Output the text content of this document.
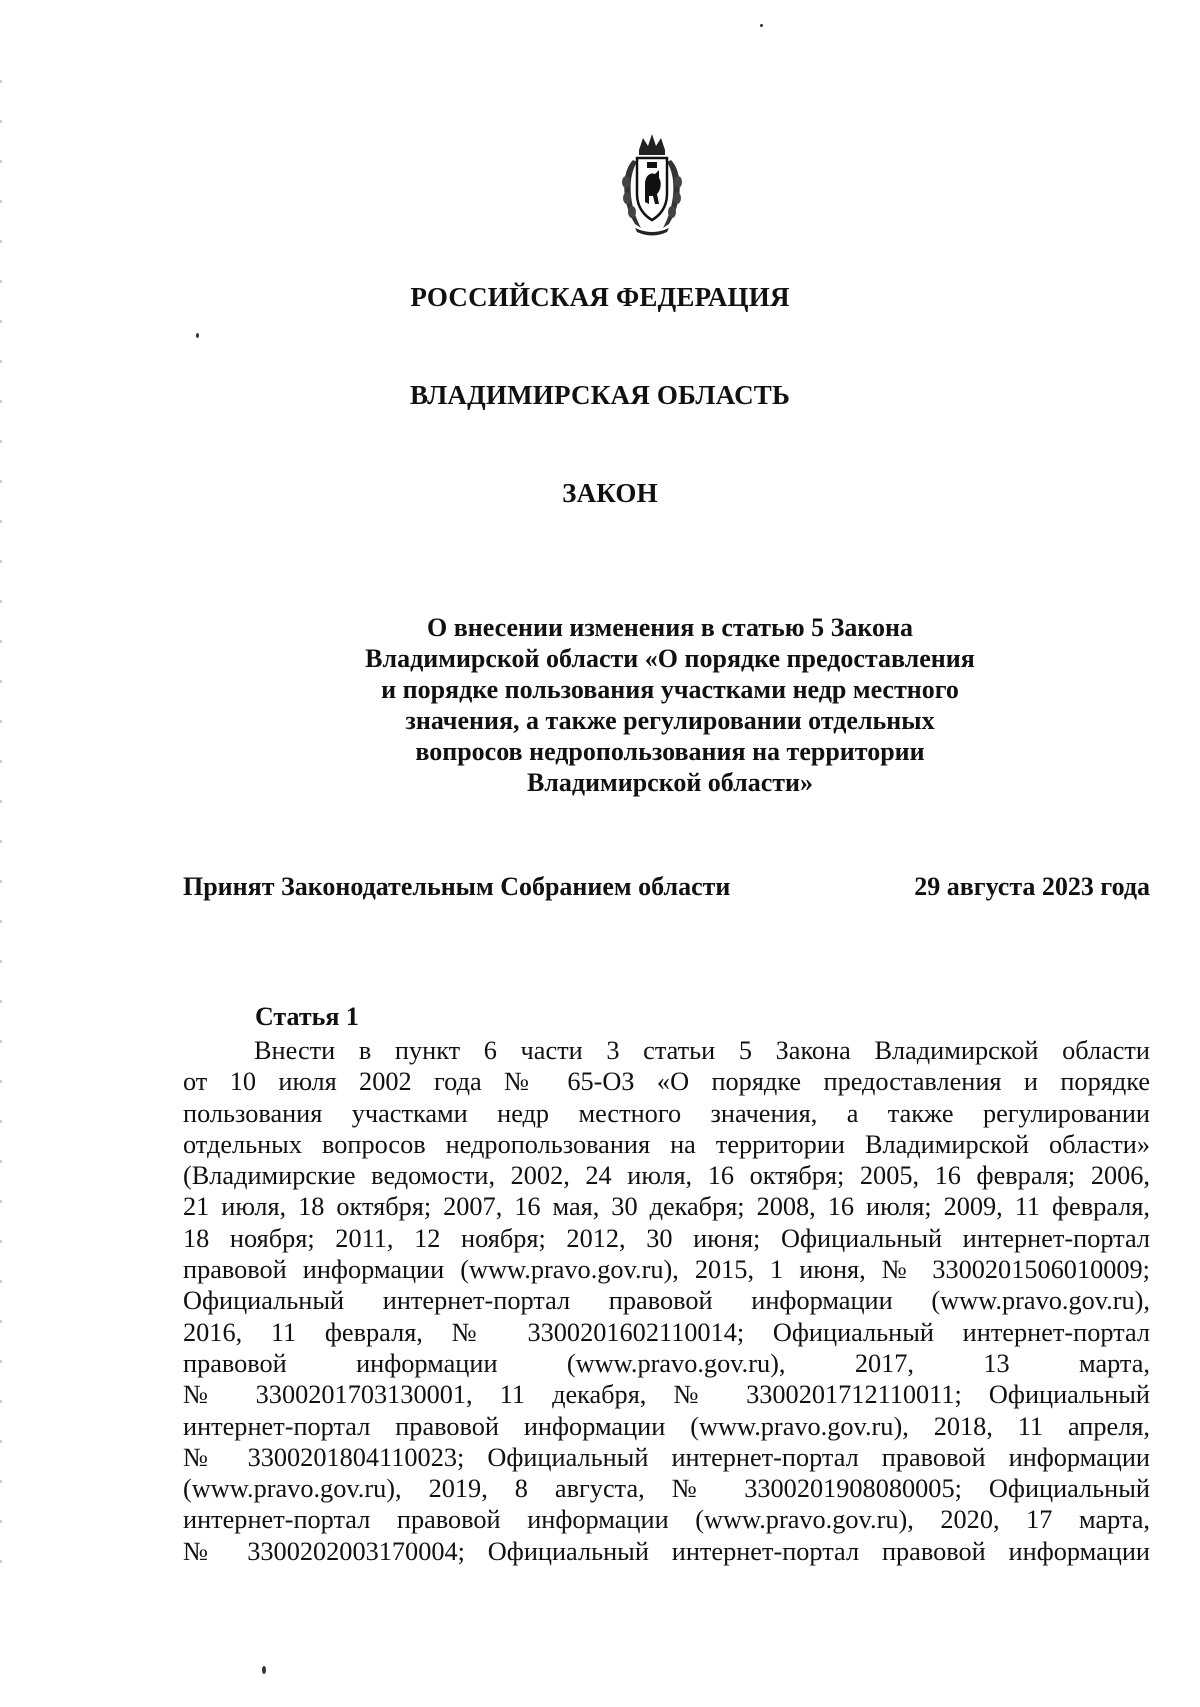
РОССИЙСКАЯ ФЕДЕРАЦИЯ
ВЛАДИМИРСКАЯ ОБЛАСТЬ
ЗАКОН
О внесении изменения в статью 5 Закона
Владимирской области «О порядке предоставления
и порядке пользования участками недр местного
значения, а также регулировании отдельных
вопросов недропользования на территории
Владимирской области»
Принят Законодательным Собранием области	29 августа 2023 года
Статья 1
Внести в пункт 6 части 3 статьи 5 Закона Владимирской области
от 10 июля 2002 года № 65-ОЗ «О порядке предоставления и порядке
пользования участками недр местного значения, а также регулировании
отдельных вопросов недропользования на территории Владимирской области»
(Владимирские ведомости, 2002, 24 июля, 16 октября; 2005, 16 февраля; 2006,
21 июля, 18 октября; 2007, 16 мая, 30 декабря; 2008, 16 июля; 2009, 11 февраля,
18 ноября; 2011, 12 ноября; 2012, 30 июня; Официальный интернет-портал
правовой информации (www.pravo.gov.ru), 2015, 1 июня, № 3300201506010009;
Официальный интернет-портал правовой информации (www.pravo.gov.ru),
2016, 11 февраля, № 3300201602110014; Официальный интернет-портал
правовой информации (www.pravo.gov.ru), 2017, 13 марта,
№ 3300201703130001, 11 декабря, № 3300201712110011; Официальный
интернет-портал правовой информации (www.pravo.gov.ru), 2018, 11 апреля,
№ 3300201804110023; Официальный интернет-портал правовой информации
(www.pravo.gov.ru), 2019, 8 августа, № 3300201908080005; Официальный
интернет-портал правовой информации (www.pravo.gov.ru), 2020, 17 марта,
№ 3300202003170004; Официальный интернет-портал правовой информации
